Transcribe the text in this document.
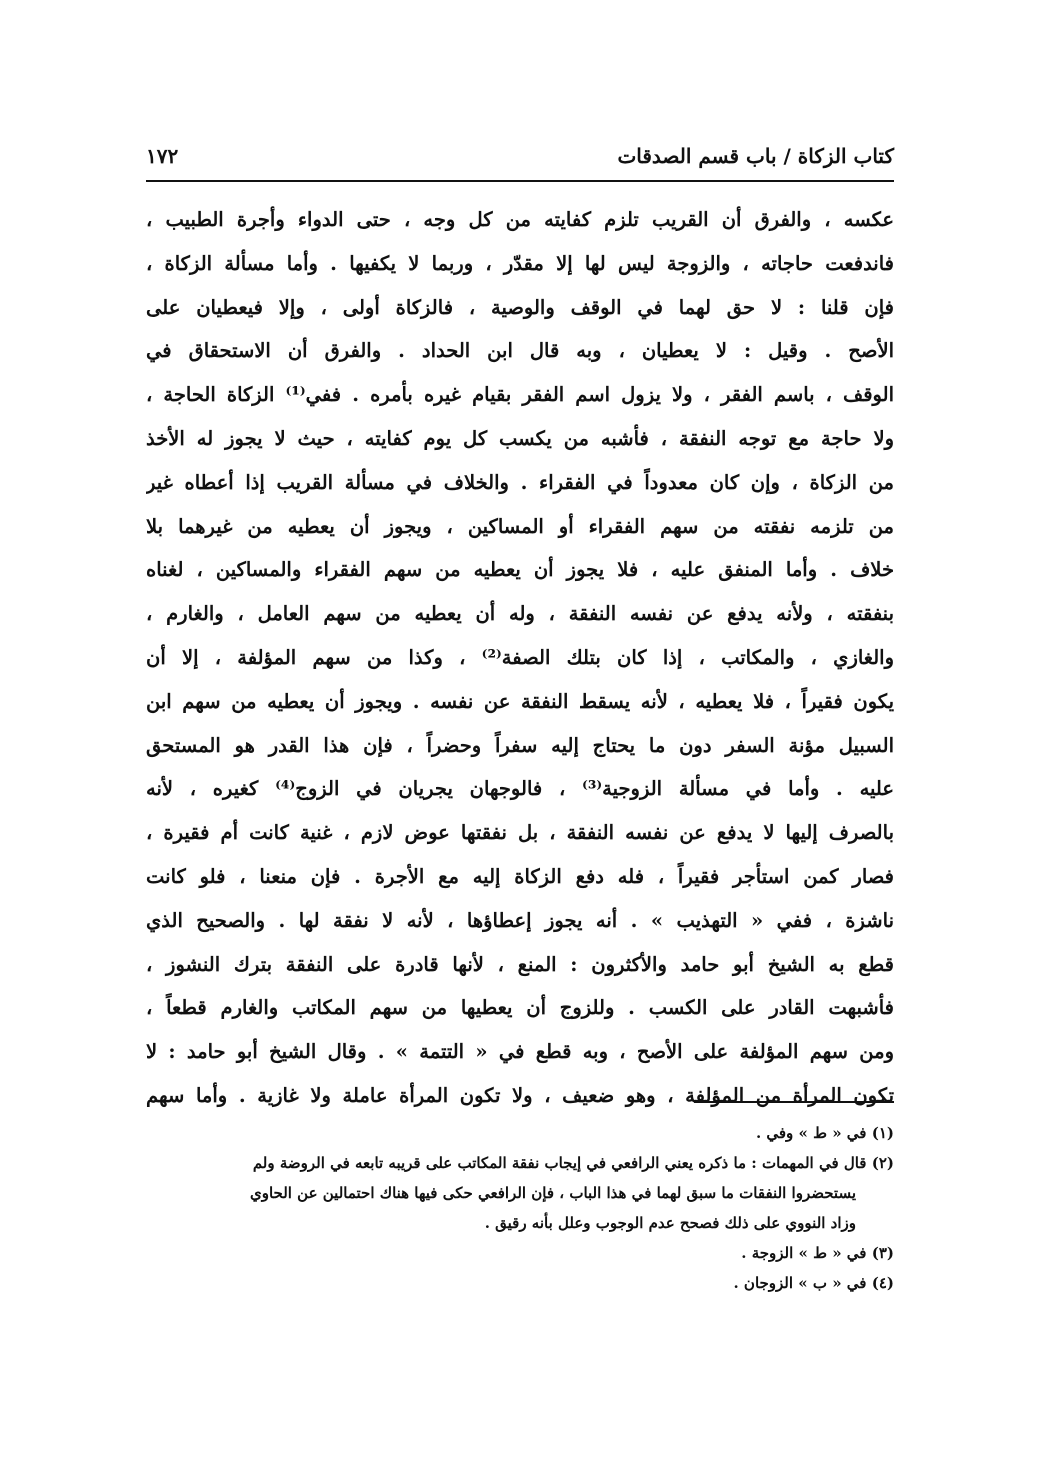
كتاب الزكاة / باب قسم الصدقات
١٧٢
عكسه ، والفرق أن القريب تلزم كفايته من كل وجه ، حتى الدواء وأجرة الطبيب ،
فاندفعت حاجاته ، والزوجة ليس لها إلا مقدّر ، وربما لا يكفيها . وأما مسألة الزكاة ،
فإن قلنا : لا حق لهما في الوقف والوصية ، فالزكاة أولى ، وإلا فيعطيان على
الأصح . وقيل : لا يعطيان ، وبه قال ابن الحداد . والفرق أن الاستحقاق في
الوقف ، باسم الفقر ، ولا يزول اسم الفقر بقيام غيره بأمره . ففي⁽¹⁾ الزكاة الحاجة ،
ولا حاجة مع توجه النفقة ، فأشبه من يكسب كل يوم كفايته ، حيث لا يجوز له الأخذ
من الزكاة ، وإن كان معدوداً في الفقراء . والخلاف في مسألة القريب إذا أعطاه غير
من تلزمه نفقته من سهم الفقراء أو المساكين ، ويجوز أن يعطيه من غيرهما بلا
خلاف . وأما المنفق عليه ، فلا يجوز أن يعطيه من سهم الفقراء والمساكين ، لغناه
بنفقته ، ولأنه يدفع عن نفسه النفقة ، وله أن يعطيه من سهم العامل ، والغارم ،
والغازي ، والمكاتب ، إذا كان بتلك الصفة⁽²⁾ ، وكذا من سهم المؤلفة ، إلا أن
يكون فقيراً ، فلا يعطيه ، لأنه يسقط النفقة عن نفسه . ويجوز أن يعطيه من سهم ابن
السبيل مؤنة السفر دون ما يحتاج إليه سفراً وحضراً ، فإن هذا القدر هو المستحق
عليه . وأما في مسألة الزوجية⁽³⁾ ، فالوجهان يجريان في الزوج⁽⁴⁾ كغيره ، لأنه
بالصرف إليها لا يدفع عن نفسه النفقة ، بل نفقتها عوض لازم ، غنية كانت أم فقيرة ،
فصار كمن استأجر فقيراً ، فله دفع الزكاة إليه مع الأجرة . فإن منعنا ، فلو كانت
ناشزة ، ففي « التهذيب » . أنه يجوز إعطاؤها ، لأنه لا نفقة لها . والصحيح الذي
قطع به الشيخ أبو حامد والأكثرون : المنع ، لأنها قادرة على النفقة بترك النشوز ،
فأشبهت القادر على الكسب . وللزوج أن يعطيها من سهم المكاتب والغارم قطعاً ،
ومن سهم المؤلفة على الأصح ، وبه قطع في « التتمة » . وقال الشيخ أبو حامد : لا
تكون المرأة من المؤلفة ، وهو ضعيف ، ولا تكون المرأة عاملة ولا غازية . وأما سهم
(١) في « ط » وفي .
(٢) قال في المهمات : ما ذكره يعني الرافعي في إيجاب نفقة المكاتب على قريبه تابعه في الروضة ولم
يستحضروا النفقات ما سبق لهما في هذا الباب ، فإن الرافعي حكى فيها هناك احتمالين عن الحاوي
وزاد النووي على ذلك فصحح عدم الوجوب وعلل بأنه رقيق .
(٣) في « ط » الزوجة .
(٤) في « ب » الزوجان .
